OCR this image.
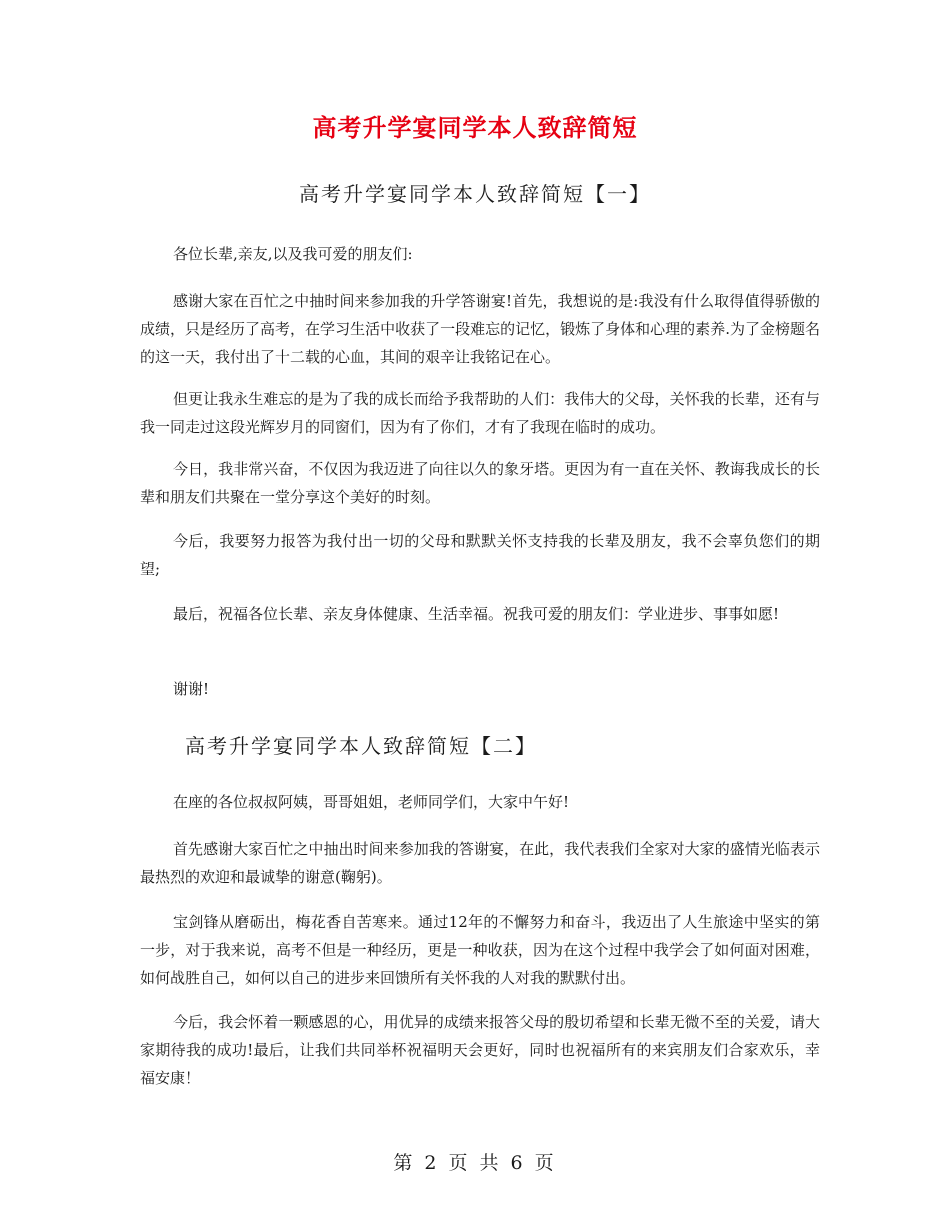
高考升学宴同学本人致辞简短
高考升学宴同学本人致辞简短【一】
各位长辈,亲友,以及我可爱的朋友们:
感谢大家在百忙之中抽时间来参加我的升学答谢宴!首先，我想说的是:我没有什么取得值得骄傲的成绩，只是经历了高考，在学习生活中收获了一段难忘的记忆，锻炼了身体和心理的素养.为了金榜题名的这一天，我付出了十二载的心血，其间的艰辛让我铭记在心。
但更让我永生难忘的是为了我的成长而给予我帮助的人们：我伟大的父母，关怀我的长辈，还有与我一同走过这段光辉岁月的同窗们，因为有了你们，才有了我现在临时的成功。
今日，我非常兴奋，不仅因为我迈进了向往以久的象牙塔。更因为有一直在关怀、教诲我成长的长辈和朋友们共聚在一堂分享这个美好的时刻。
今后，我要努力报答为我付出一切的父母和默默关怀支持我的长辈及朋友，我不会辜负您们的期望;
最后，祝福各位长辈、亲友身体健康、生活幸福。祝我可爱的朋友们：学业进步、事事如愿!
谢谢!
高考升学宴同学本人致辞简短【二】
在座的各位叔叔阿姨，哥哥姐姐，老师同学们，大家中午好!
首先感谢大家百忙之中抽出时间来参加我的答谢宴，在此，我代表我们全家对大家的盛情光临表示最热烈的欢迎和最诚挚的谢意(鞠躬)。
宝剑锋从磨砺出，梅花香自苦寒来。通过12年的不懈努力和奋斗，我迈出了人生旅途中坚实的第一步，对于我来说，高考不但是一种经历，更是一种收获，因为在这个过程中我学会了如何面对困难，如何战胜自己，如何以自己的进步来回馈所有关怀我的人对我的默默付出。
今后，我会怀着一颗感恩的心，用优异的成绩来报答父母的殷切希望和长辈无微不至的关爱，请大家期待我的成功!最后，让我们共同举杯祝福明天会更好，同时也祝福所有的来宾朋友们合家欢乐，幸福安康！
第 2 页 共 6 页
